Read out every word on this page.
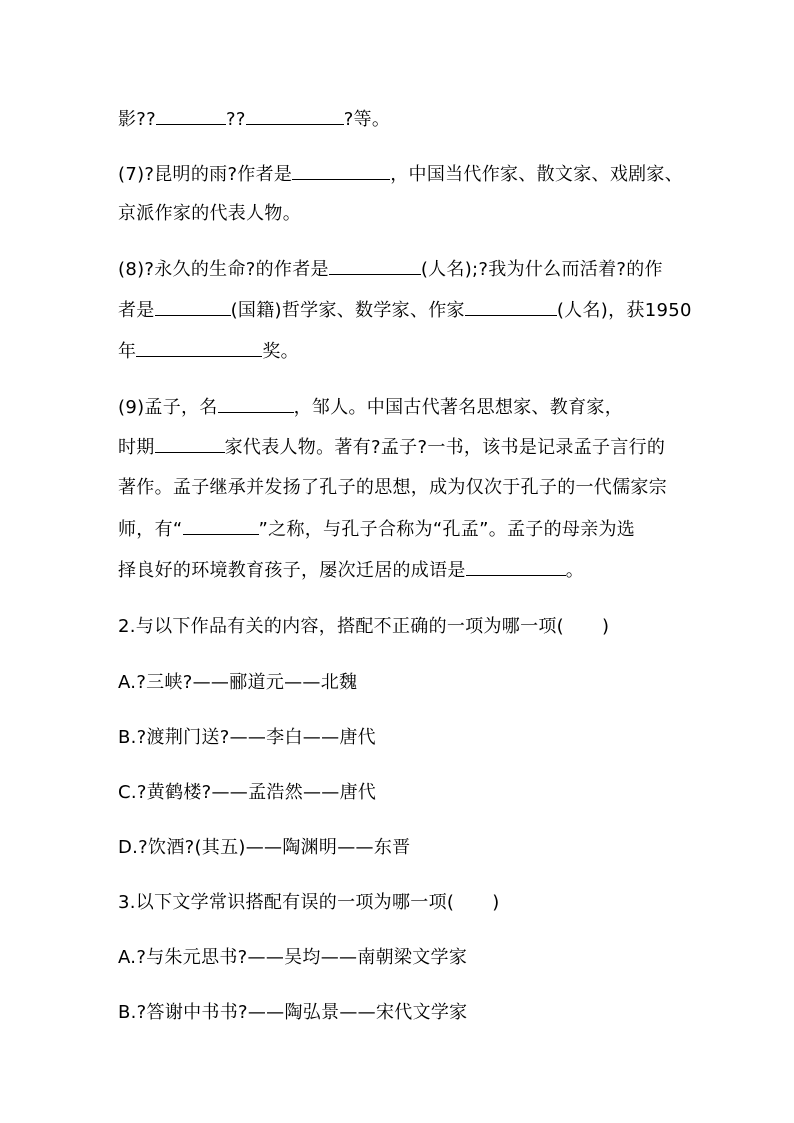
影??	??	?等。
(7)?昆明的雨?作者是	，中国当代作家、散文家、戏剧家、
京派作家的代表人物。
(8)?永久的生命?的作者是	(人名);?我为什么而活着?的作
者是	(国籍)哲学家、数学家、作家	(人名)，获1950
年	奖。
(9)孟子，名	，邹人。中国古代著名思想家、教育家，
时期	家代表人物。著有?孟子?一书，该书是记录孟子言行的
著作。孟子继承并发扬了孔子的思想，成为仅次于孔子的一代儒家宗
师，有“	”之称，与孔子合称为“孔孟”。孟子的母亲为选
择良好的环境教育孩子，屡次迁居的成语是	。
2.与以下作品有关的内容，搭配不正确的一项为哪一项( )
A.?三峡?——郦道元——北魏
B.?渡荆门送?——李白——唐代
C.?黄鹤楼?——孟浩然——唐代
D.?饮酒?(其五)——陶渊明——东晋
3.以下文学常识搭配有误的一项为哪一项( )
A.?与朱元思书?——吴均——南朝梁文学家
B.?答谢中书书?——陶弘景——宋代文学家
